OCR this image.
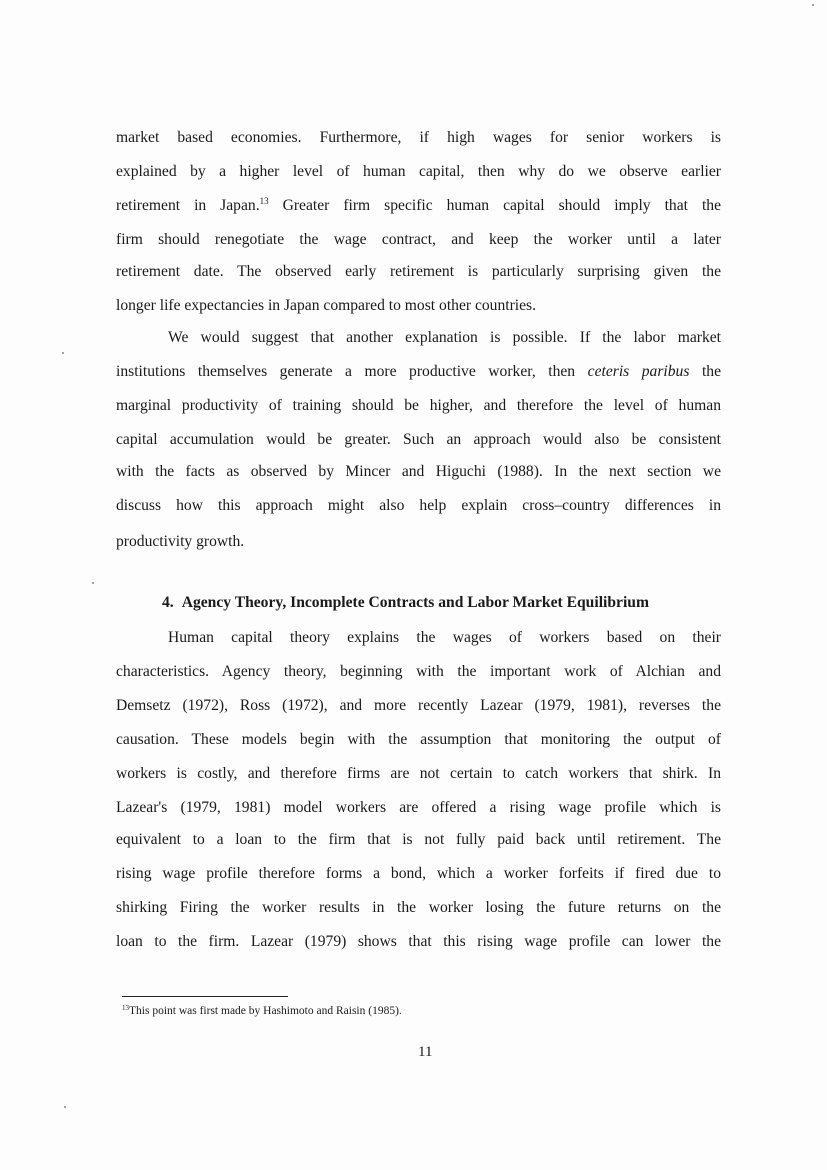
market based economies. Furthermore, if high wages for senior workers is
explained by a higher level of human capital, then why do we observe earlier
retirement in Japan.$^{13}$ Greater firm specific human capital should imply that the
firm should renegotiate the wage contract, and keep the worker until a later
retirement date. The observed early retirement is particularly surprising given the
longer life expectancies in Japan compared to most other countries.
We would suggest that another explanation is possible. If the labor market
institutions themselves generate a more productive worker, then ceteris paribus the
marginal productivity of training should be higher, and therefore the level of human
capital accumulation would be greater. Such an approach would also be consistent
with the facts as observed by Mincer and Higuchi (1988). In the next section we
discuss how this approach might also help explain cross–country differences in
productivity growth.
4. Agency Theory, Incomplete Contracts and Labor Market Equilibrium
Human capital theory explains the wages of workers based on their
characteristics. Agency theory, beginning with the important work of Alchian and
Demsetz (1972), Ross (1972), and more recently Lazear (1979, 1981), reverses the
causation. These models begin with the assumption that monitoring the output of
workers is costly, and therefore firms are not certain to catch workers that shirk. In
Lazear's (1979, 1981) model workers are offered a rising wage profile which is
equivalent to a loan to the firm that is not fully paid back until retirement. The
rising wage profile therefore forms a bond, which a worker forfeits if fired due to
shirking Firing the worker results in the worker losing the future returns on the
loan to the firm. Lazear (1979) shows that this rising wage profile can lower the
$^{13}$This point was first made by Hashimoto and Raisin (1985).
11
